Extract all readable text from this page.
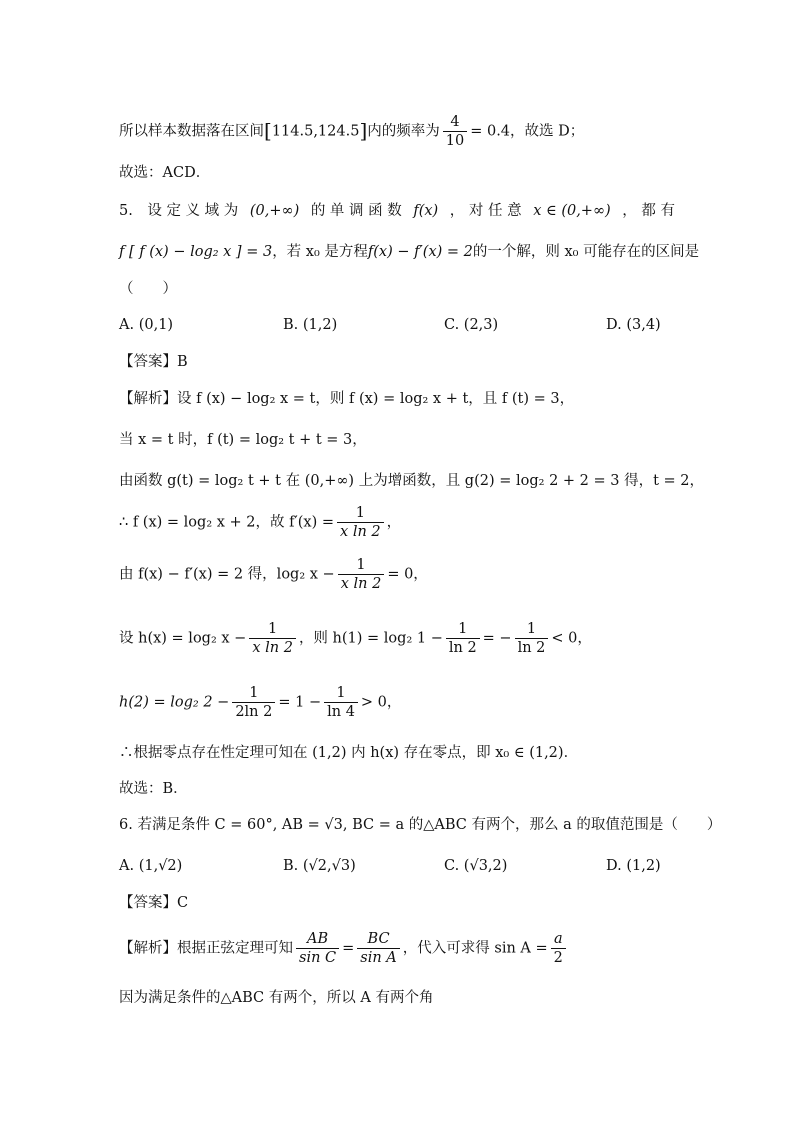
所以样本数据落在区间[114.5,124.5]内的频率为 $\frac{4}{10} = 0.4$，故选 D；
故选：ACD．
5.　设 定 义 域 为 (0,+∞) 的 单 调 函 数 f(x) ， 对 任 意 x ∈ (0,+∞) ， 都 有
f [ f (x) − log₂ x ] = 3，若 x₀ 是方程f(x) − f′(x) = 2的一个解，则 x₀ 可能存在的区间是
（　　）
A. (0,1)	B. (1,2)	C. (2,3)	D. (3,4)
【答案】B
【解析】设 f (x) − log₂ x = t，则 f (x) = log₂ x + t，且 f (t) = 3，
当 x = t 时，f (t) = log₂ t + t = 3，
由函数 g(t) = log₂ t + t 在 (0,+∞) 上为增函数，且 g(2) = log₂ 2 + 2 = 3 得，t = 2，
∴ f (x) = log₂ x + 2，故 $f'(x) = \frac{1}{\text{x ln 2}}$ ，
由 f(x) − f′(x) = 2 得，log₂ $x - \frac{1}{\text{x ln 2}} = 0$，
设 h(x) = log₂ $x - \frac{1}{\text{x ln 2}}$ ，则 h(1) = log₂ $1 - \frac{1}{\ln 2}$ = − $\frac{1}{\ln 2} < 0$，
h(2) = log₂ $2 - \frac{1}{2\ln 2} = 1 - \frac{1}{\ln 4} > 0$，
∴根据零点存在性定理可知在 (1,2) 内 h(x) 存在零点，即 x₀ ∈ (1,2)．
故选：B．
6. 若满足条件 C = 60°, AB = √3, BC = a 的△ABC 有两个，那么 a 的取值范围是（　　）
A. (1,√2)	B. (√2,√3)	C. (√3,2)	D. (1,2)
【答案】C
【解析】根据正弦定理可知 $\frac{AB}{\text{sin C}} = \frac{BC}{\text{sin A}}$ ，代入可求得 $\sin A = \frac{a}{2}$
因为满足条件的△ABC 有两个，所以 A 有两个角
